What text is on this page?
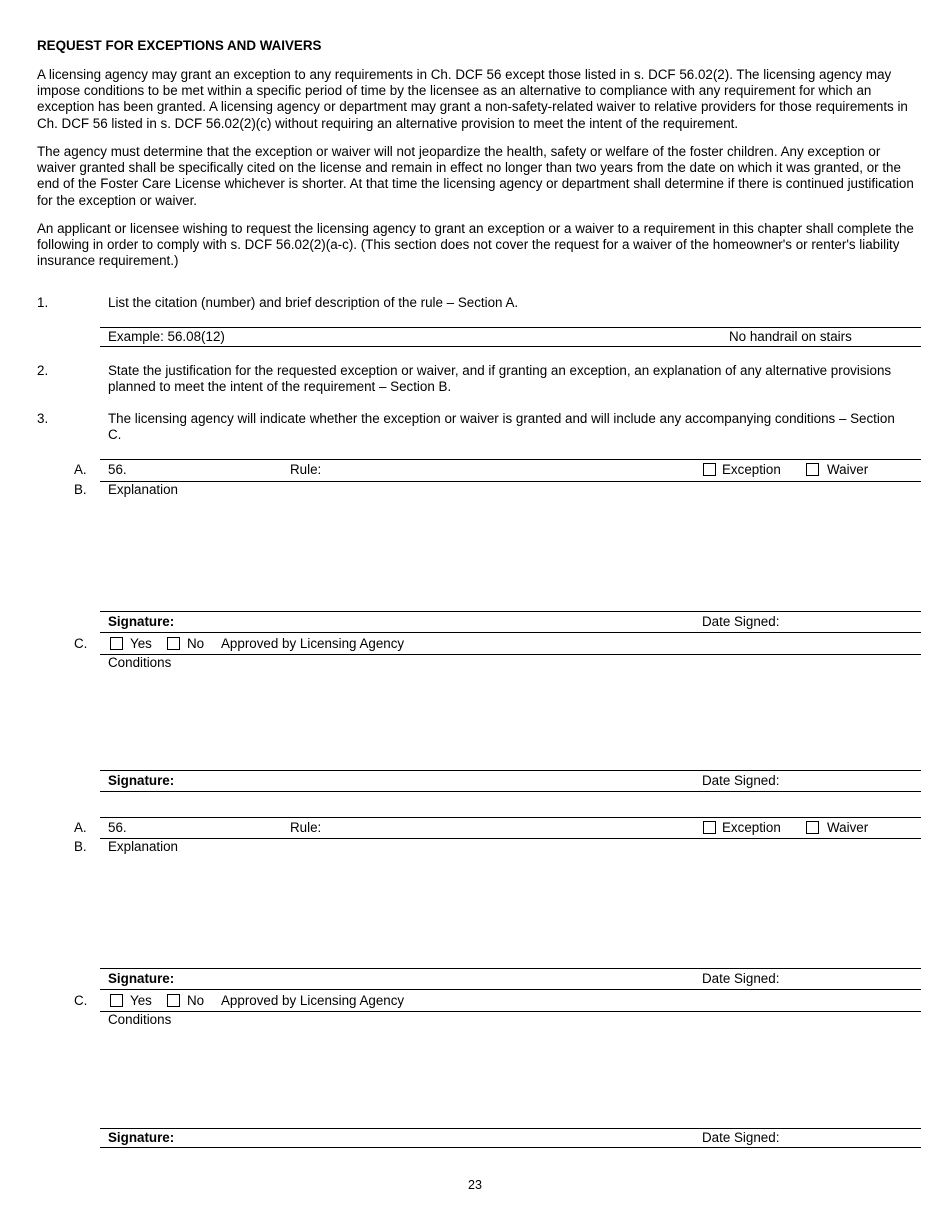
REQUEST FOR EXCEPTIONS AND WAIVERS
A licensing agency may grant an exception to any requirements in Ch. DCF 56 except those listed in s. DCF 56.02(2). The licensing agency may impose conditions to be met within a specific period of time by the licensee as an alternative to compliance with any requirement for which an exception has been granted. A licensing agency or department may grant a non-safety-related waiver to relative providers for those requirements in Ch. DCF 56 listed in s. DCF 56.02(2)(c) without requiring an alternative provision to meet the intent of the requirement.
The agency must determine that the exception or waiver will not jeopardize the health, safety or welfare of the foster children. Any exception or waiver granted shall be specifically cited on the license and remain in effect no longer than two years from the date on which it was granted, or the end of the Foster Care License whichever is shorter. At that time the licensing agency or department shall determine if there is continued justification for the exception or waiver.
An applicant or licensee wishing to request the licensing agency to grant an exception or a waiver to a requirement in this chapter shall complete the following in order to comply with s. DCF 56.02(2)(a-c). (This section does not cover the request for a waiver of the homeowner's or renter's liability insurance requirement.)
1.	List the citation (number) and brief description of the rule – Section A.
Example: 56.08(12)	No handrail on stairs
2.	State the justification for the requested exception or waiver, and if granting an exception, an explanation of any alternative provisions planned to meet the intent of the requirement – Section B.
3.	The licensing agency will indicate whether the exception or waiver is granted and will include any accompanying conditions – Section C.
A. 56.	Rule:	Exception	Waiver
B. Explanation
Signature:	Date Signed:
C.	Yes	No Approved by Licensing Agency
Conditions
Signature:	Date Signed:
A. 56.	Rule:	Exception	Waiver
B. Explanation
Signature:	Date Signed:
C.	Yes	No Approved by Licensing Agency
Conditions
Signature:	Date Signed:
23
